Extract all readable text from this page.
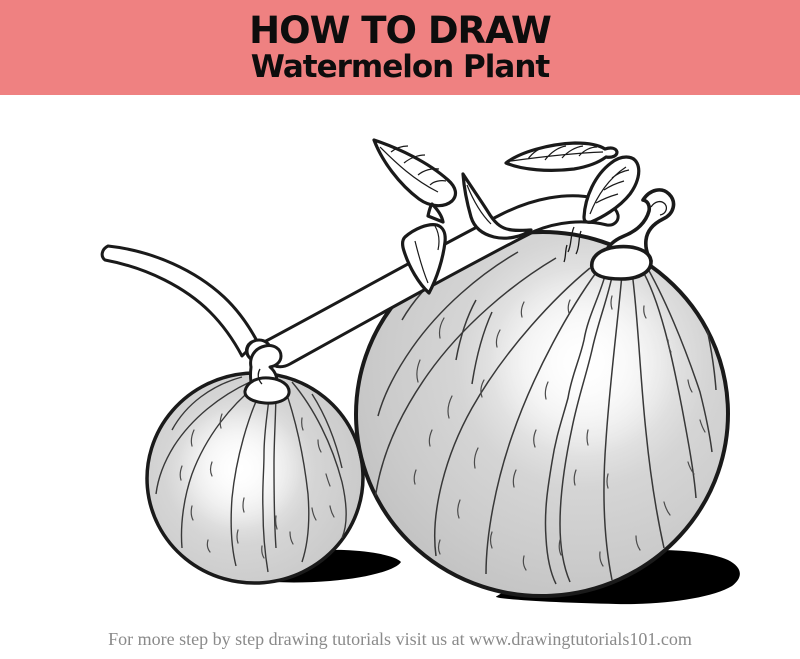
HOW TO DRAW
Watermelon Plant
For more step by step drawing tutorials visit us at www.drawingtutorials101.com
